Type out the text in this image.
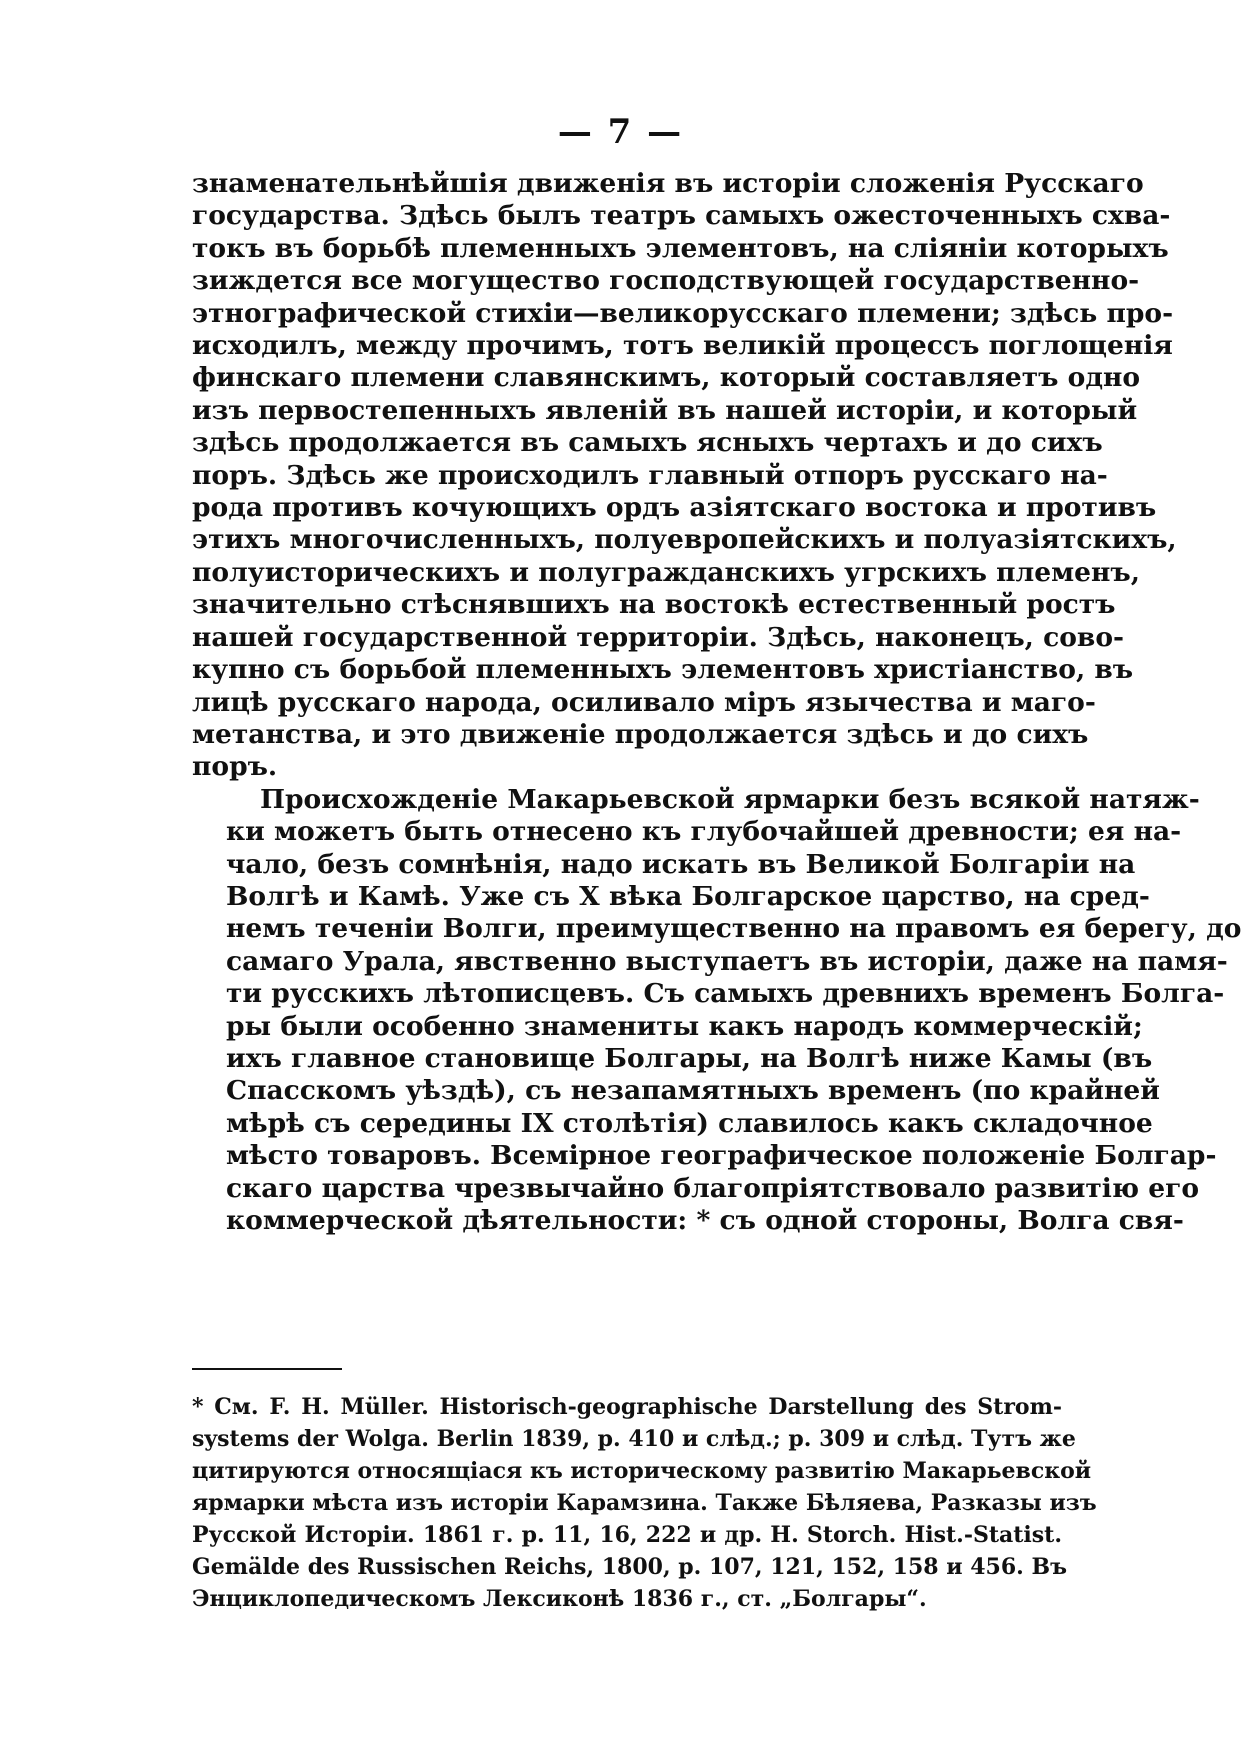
— 7 —

знаменательнѣйшія движенія въ исторіи сложенія Русскаго
государства. Здѣсь былъ театръ самыхъ ожесточенныхъ схва-
токъ въ борьбѣ племенныхъ элементовъ, на сліяніи которыхъ
зиждется все могущество господствующей государственно-
этнографической стихіи—великорусскаго племени; здѣсь про-
исходилъ, между прочимъ, тотъ великій процессъ поглощенія
финскаго племени славянскимъ, который составляетъ одно
изъ первостепенныхъ явленій въ нашей исторіи, и который
здѣсь продолжается въ самыхъ ясныхъ чертахъ и до сихъ
поръ. Здѣсь же происходилъ главный отпоръ русскаго на-
рода противъ кочующихъ ордъ азіятскаго востока и противъ
этихъ многочисленныхъ, полуевропейскихъ и полуазіятскихъ,
полуисторическихъ и полугражданскихъ угрскихъ племенъ,
значительно стѣснявшихъ на востокѣ естественный ростъ
нашей государственной территоріи. Здѣсь, наконецъ, сово-
купно съ борьбой племенныхъ элементовъ христіанство, въ
лицѣ русскаго народа, осиливало міръ язычества и маго-
метанства, и это движеніе продолжается здѣсь и до сихъ
поръ.

Происхожденіе Макарьевской ярмарки безъ всякой натяж-
ки можетъ быть отнесено къ глубочайшей древности; ея на-
чало, безъ сомнѣнія, надо искать въ Великой Болгаріи на
Волгѣ и Камѣ. Уже съ X вѣка Болгарское царство, на сред-
немъ теченіи Волги, преимущественно на правомъ ея берегу, до
самаго Урала, явственно выступаетъ въ исторіи, даже на памя-
ти русскихъ лѣтописцевъ. Съ самыхъ древнихъ временъ Болга-
ры были особенно знамениты какъ народъ коммерческій;
ихъ главное становище Болгары, на Волгѣ ниже Камы (въ
Спасскомъ уѣздѣ), съ незапамятныхъ временъ (по крайней
мѣрѣ съ середины IX столѣтія) славилось какъ складочное
мѣсто товаровъ. Всемірное географическое положеніе Болгар-
скаго царства чрезвычайно благопріятствовало развитію его
коммерческой дѣятельности: * съ одной стороны, Волга свя-

* См. F. H. Müller. Historisch-geographische Darstellung des Strom-
systems der Wolga. Berlin 1839, p. 410 и слѣд.; p. 309 и слѣд. Тутъ же
цитируются относящіася къ историческому развитію Макарьевской
ярмарки мѣста изъ исторіи Карамзина. Также Бѣляева, Разказы изъ
Русской Исторіи. 1861 г. p. 11, 16, 222 и др. H. Storch. Hist.-Statist.
Gemälde des Russischen Reichs, 1800, p. 107, 121, 152, 158 и 456. Въ
Энциклопедическомъ Лексиконѣ 1836 г., ст. „Болгары“.
